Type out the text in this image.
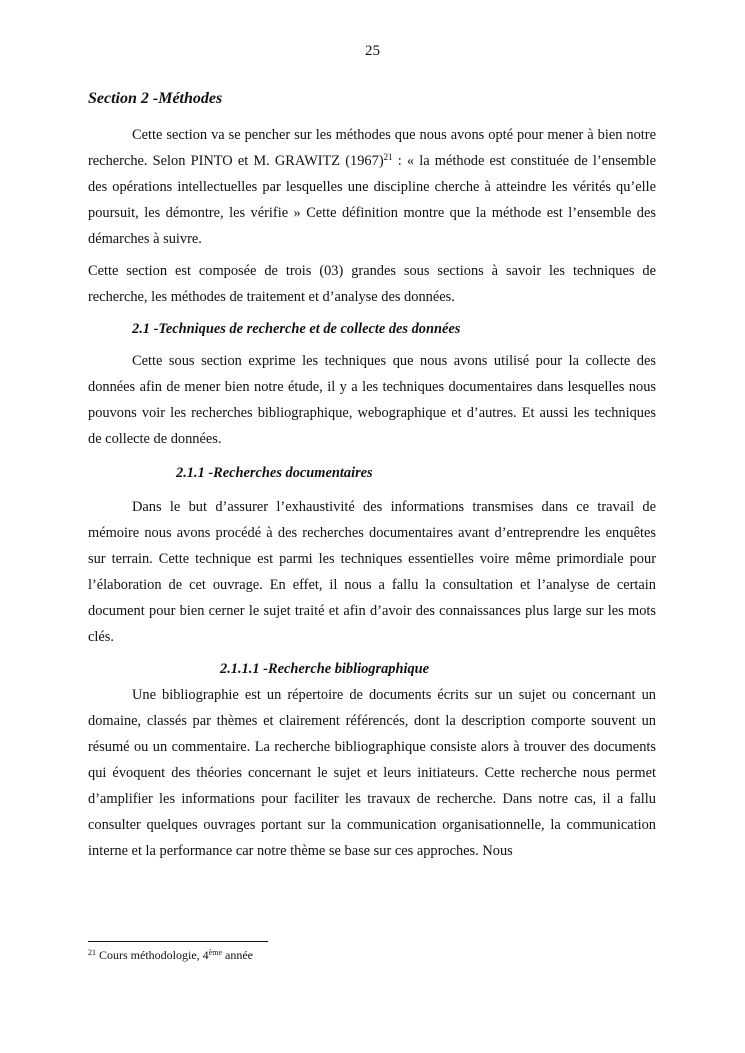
25
Section 2 -Méthodes

Cette section va se pencher sur les méthodes que nous avons opté pour mener à bien notre recherche. Selon PINTO et M. GRAWITZ $(1967)^{21}$ : « la méthode est constituée de l’ensemble des opérations intellectuelles par lesquelles une discipline cherche à atteindre les vérités qu’elle poursuit, les démontre, les vérifie » Cette définition montre que la méthode est l’ensemble des démarches à suivre.

Cette section est composée de trois (03) grandes sous sections à savoir les techniques de recherche, les méthodes de traitement et d’analyse des données.

2.1 -Techniques de recherche et de collecte des données

Cette sous section exprime les techniques que nous avons utilisé pour la collecte des données afin de mener bien notre étude, il y a les techniques documentaires dans lesquelles nous pouvons voir les recherches bibliographique, webographique et d’autres. Et aussi les techniques de collecte de données.

2.1.1 -Recherches documentaires

Dans le but d’assurer l’exhaustivité des informations transmises dans ce travail de mémoire nous avons procédé à des recherches documentaires avant d’entreprendre les enquêtes sur terrain. Cette technique est parmi les techniques essentielles voire même primordiale pour l’élaboration de cet ouvrage. En effet, il nous a fallu la consultation et l’analyse de certain document pour bien cerner le sujet traité et afin d’avoir des connaissances plus large sur les mots clés.

2.1.1.1 -Recherche bibliographique

Une bibliographie est un répertoire de documents écrits sur un sujet ou concernant un domaine, classés par thèmes et clairement référencés, dont la description comporte souvent un résumé ou un commentaire. La recherche bibliographique consiste alors à trouver des documents qui évoquent des théories concernant le sujet et leurs initiateurs. Cette recherche nous permet d’amplifier les informations pour faciliter les travaux de recherche. Dans notre cas, il a fallu consulter quelques ouvrages portant sur la communication organisationnelle, la communication interne et la performance car notre thème se base sur ces approches. Nous

$^{21}$ Cours méthodologie, 4ème année
